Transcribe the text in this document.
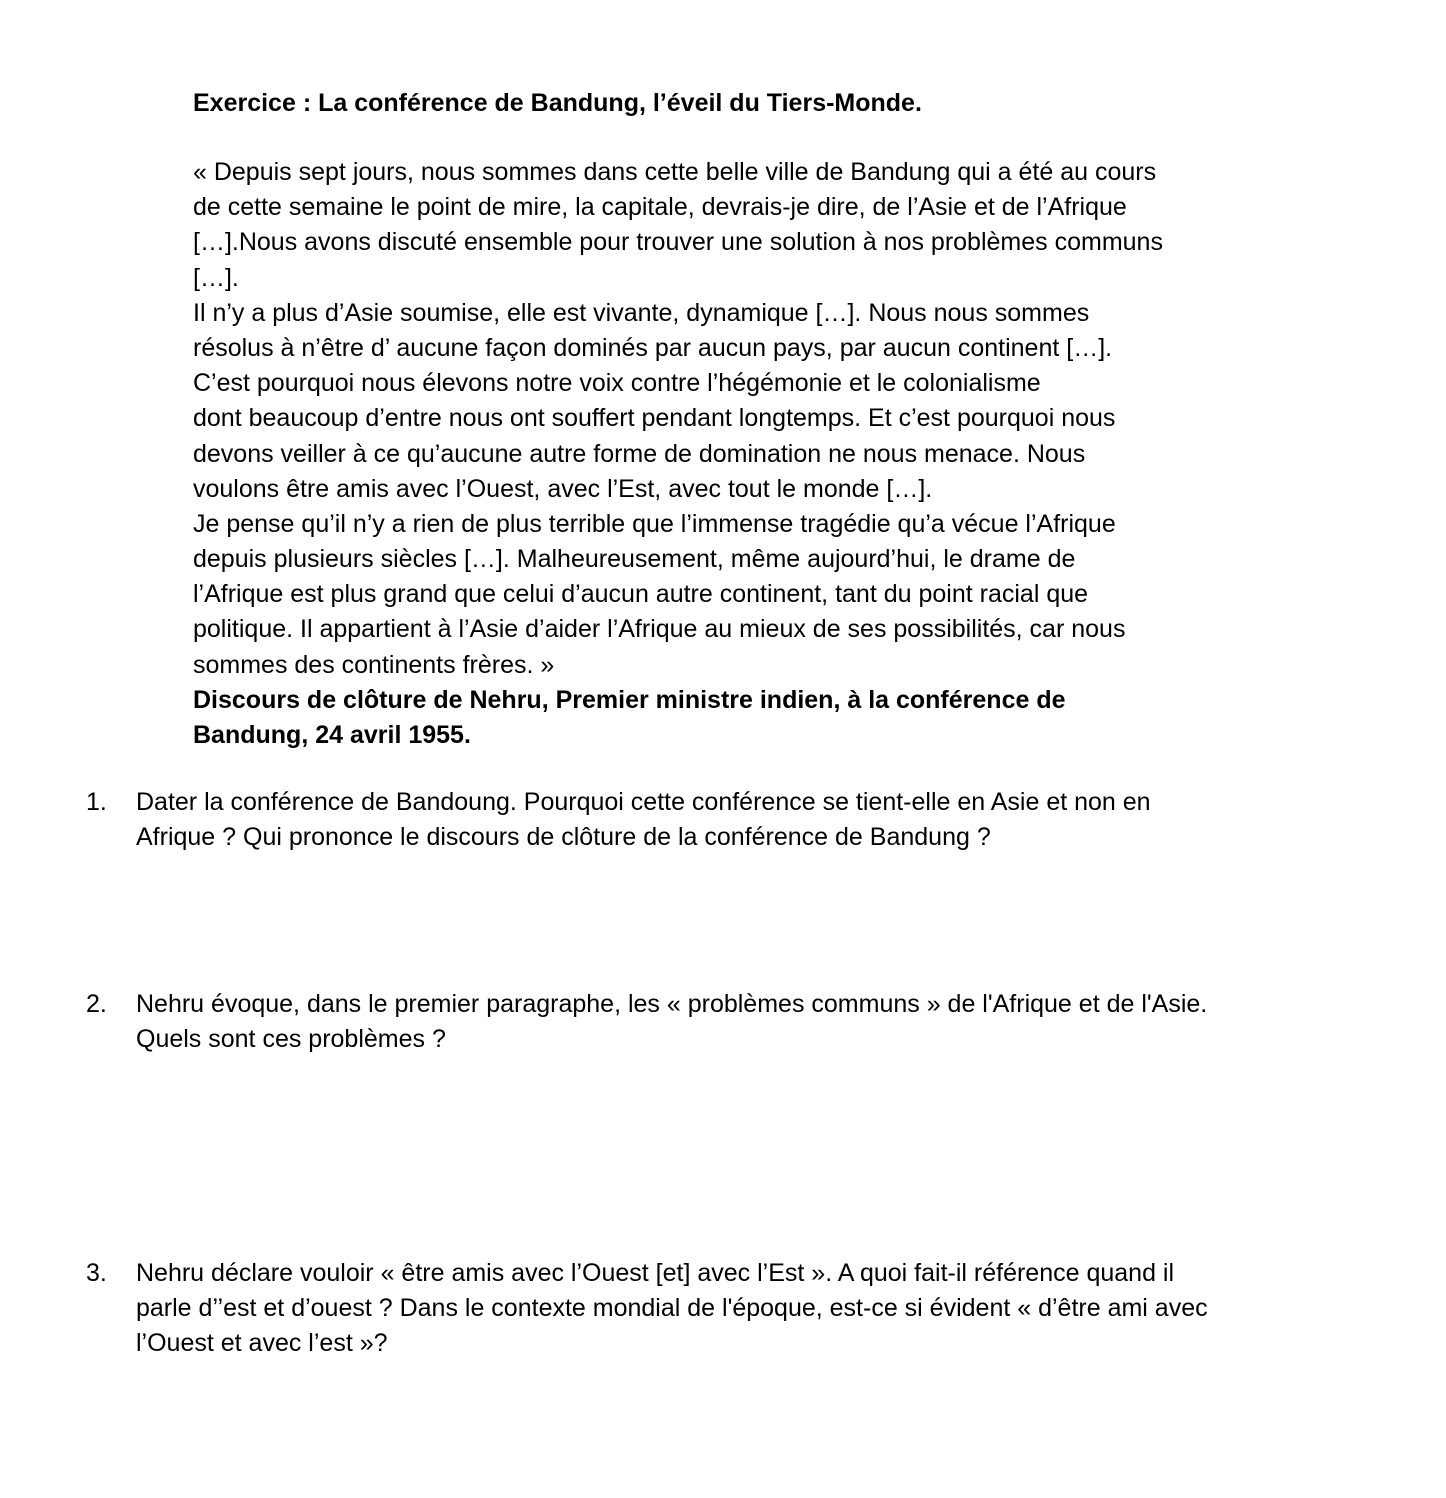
Exercice : La conférence de Bandung, l’éveil du Tiers-Monde.
« Depuis sept jours, nous sommes dans cette belle ville de Bandung qui a été au cours
de cette semaine le point de mire, la capitale, devrais-je dire, de l’Asie et de l’Afrique
[…].Nous avons discuté ensemble pour trouver une solution à nos problèmes communs
[…].
Il n’y a plus d’Asie soumise, elle est vivante, dynamique […]. Nous nous sommes
résolus à n’être d’ aucune façon dominés par aucun pays, par aucun continent […].
C’est pourquoi nous élevons notre voix contre l’hégémonie et le colonialisme
dont beaucoup d’entre nous ont souffert pendant longtemps. Et c’est pourquoi nous
devons veiller à ce qu’aucune autre forme de domination ne nous menace. Nous
voulons être amis avec l’Ouest, avec l’Est, avec tout le monde […].
Je pense qu’il n’y a rien de plus terrible que l’immense tragédie qu’a vécue l’Afrique
depuis plusieurs siècles […]. Malheureusement, même aujourd’hui, le drame de
l’Afrique est plus grand que celui d’aucun autre continent, tant du point racial que
politique. Il appartient à l’Asie d’aider l’Afrique au mieux de ses possibilités, car nous
sommes des continents frères. »
Discours de clôture de Nehru, Premier ministre indien, à la conférence de
Bandung, 24 avril 1955.
1. Dater la conférence de Bandoung. Pourquoi cette conférence se tient-elle en Asie et non en
Afrique ? Qui prononce le discours de clôture de la conférence de Bandung ?
2. Nehru évoque, dans le premier paragraphe, les « problèmes communs » de l'Afrique et de l'Asie.
Quels sont ces problèmes ?
3. Nehru déclare vouloir « être amis avec l’Ouest [et] avec l’Est ». A quoi fait-il référence quand il
parle d’’est et d’ouest ? Dans le contexte mondial de l'époque, est-ce si évident « d’être ami avec
l’Ouest et avec l’est »?
